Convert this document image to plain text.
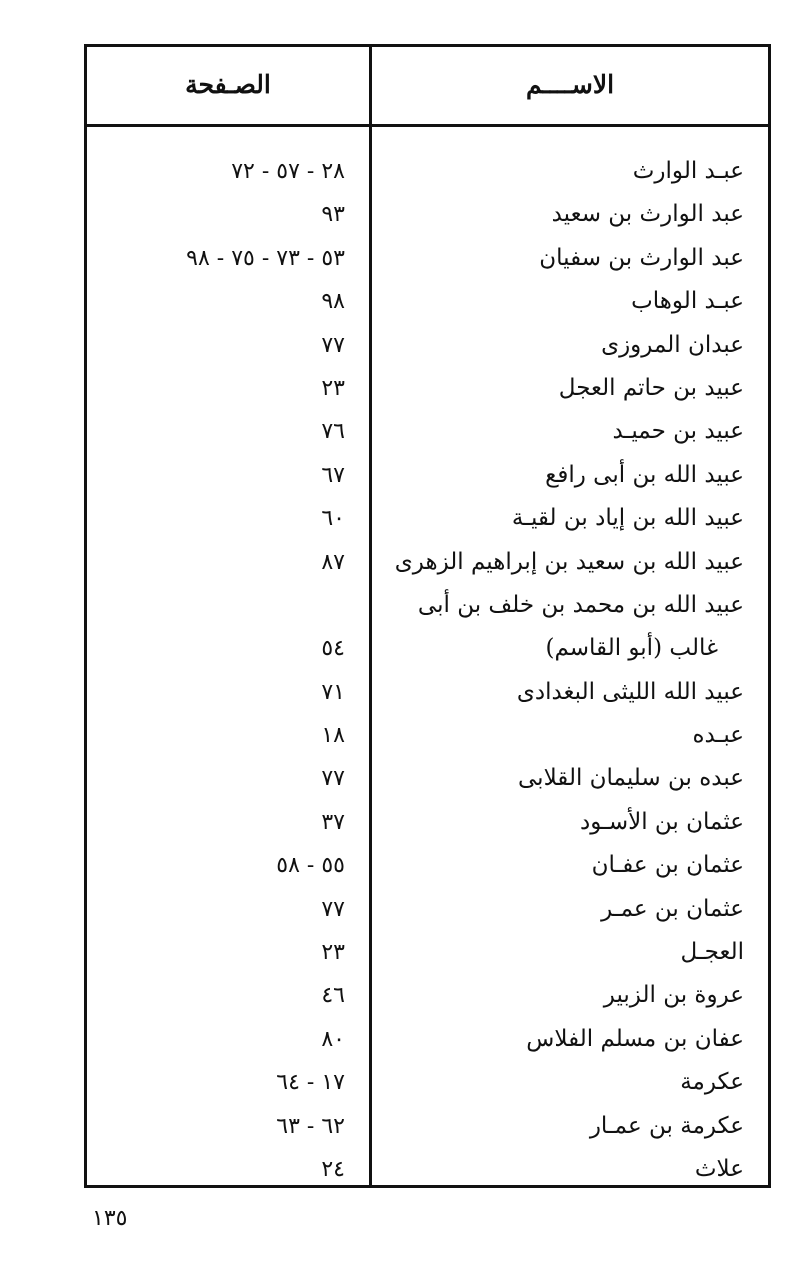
الاســــم
الصـفحة
عبـد الوارث
٢٨ - ٥٧ - ٧٢
عبد الوارث بن سعيد
٩٣
عبد الوارث بن سفيان
٥٣ - ٧٣ - ٧٥ - ٩٨
عبـد الوهاب
٩٨
عبدان المروزى
٧٧
عبيد بن حاتم العجل
٢٣
عبيد بن حميـد
٧٦
عبيد الله بن أبى رافع
٦٧
عبيد الله بن إياد بن لقيـة
٦٠
عبيد الله بن سعيد بن إبراهيم الزهرى
٨٧
عبيد الله بن محمد بن خلف بن أبى
غالب (أبو القاسم)
٥٤
عبيد الله الليثى البغدادى
٧١
عبـده
١٨
عبده بن سليمان القلابى
٧٧
عثمان بن الأسـود
٣٧
عثمان بن عفـان
٥٥ - ٥٨
عثمان بن عمـر
٧٧
العجـل
٢٣
عروة بن الزبير
٤٦
عفان بن مسلم الفلاس
٨٠
عكرمة
١٧ - ٦٤
عكرمة بن عمـار
٦٢ - ٦٣
علاث
٢٤
١٣٥
